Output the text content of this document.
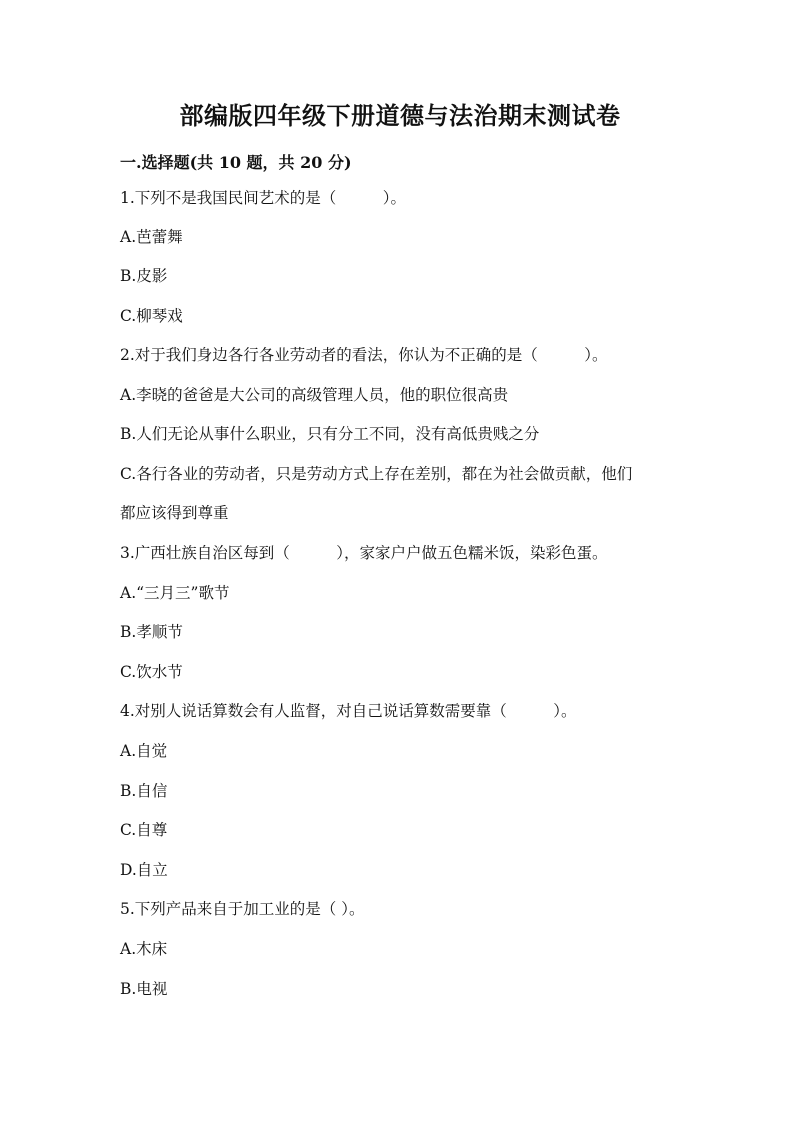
部编版四年级下册道德与法治期末测试卷

一.选择题(共 10 题，共 20 分)

1.下列不是我国民间艺术的是（　　　）。

A.芭蕾舞

B.皮影

C.柳琴戏

2.对于我们身边各行各业劳动者的看法，你认为不正确的是（　　　）。

A.李晓的爸爸是大公司的高级管理人员，他的职位很高贵

B.人们无论从事什么职业，只有分工不同，没有高低贵贱之分

C.各行各业的劳动者，只是劳动方式上存在差别，都在为社会做贡献，他们

都应该得到尊重

3.广西壮族自治区每到（　　　），家家户户做五色糯米饭，染彩色蛋。

A.“三月三”歌节

B.孝顺节

C.饮水节

4.对别人说话算数会有人监督，对自己说话算数需要靠（　　　）。

A.自觉

B.自信

C.自尊

D.自立

5.下列产品来自于加工业的是（ ）。

A.木床

B.电视
